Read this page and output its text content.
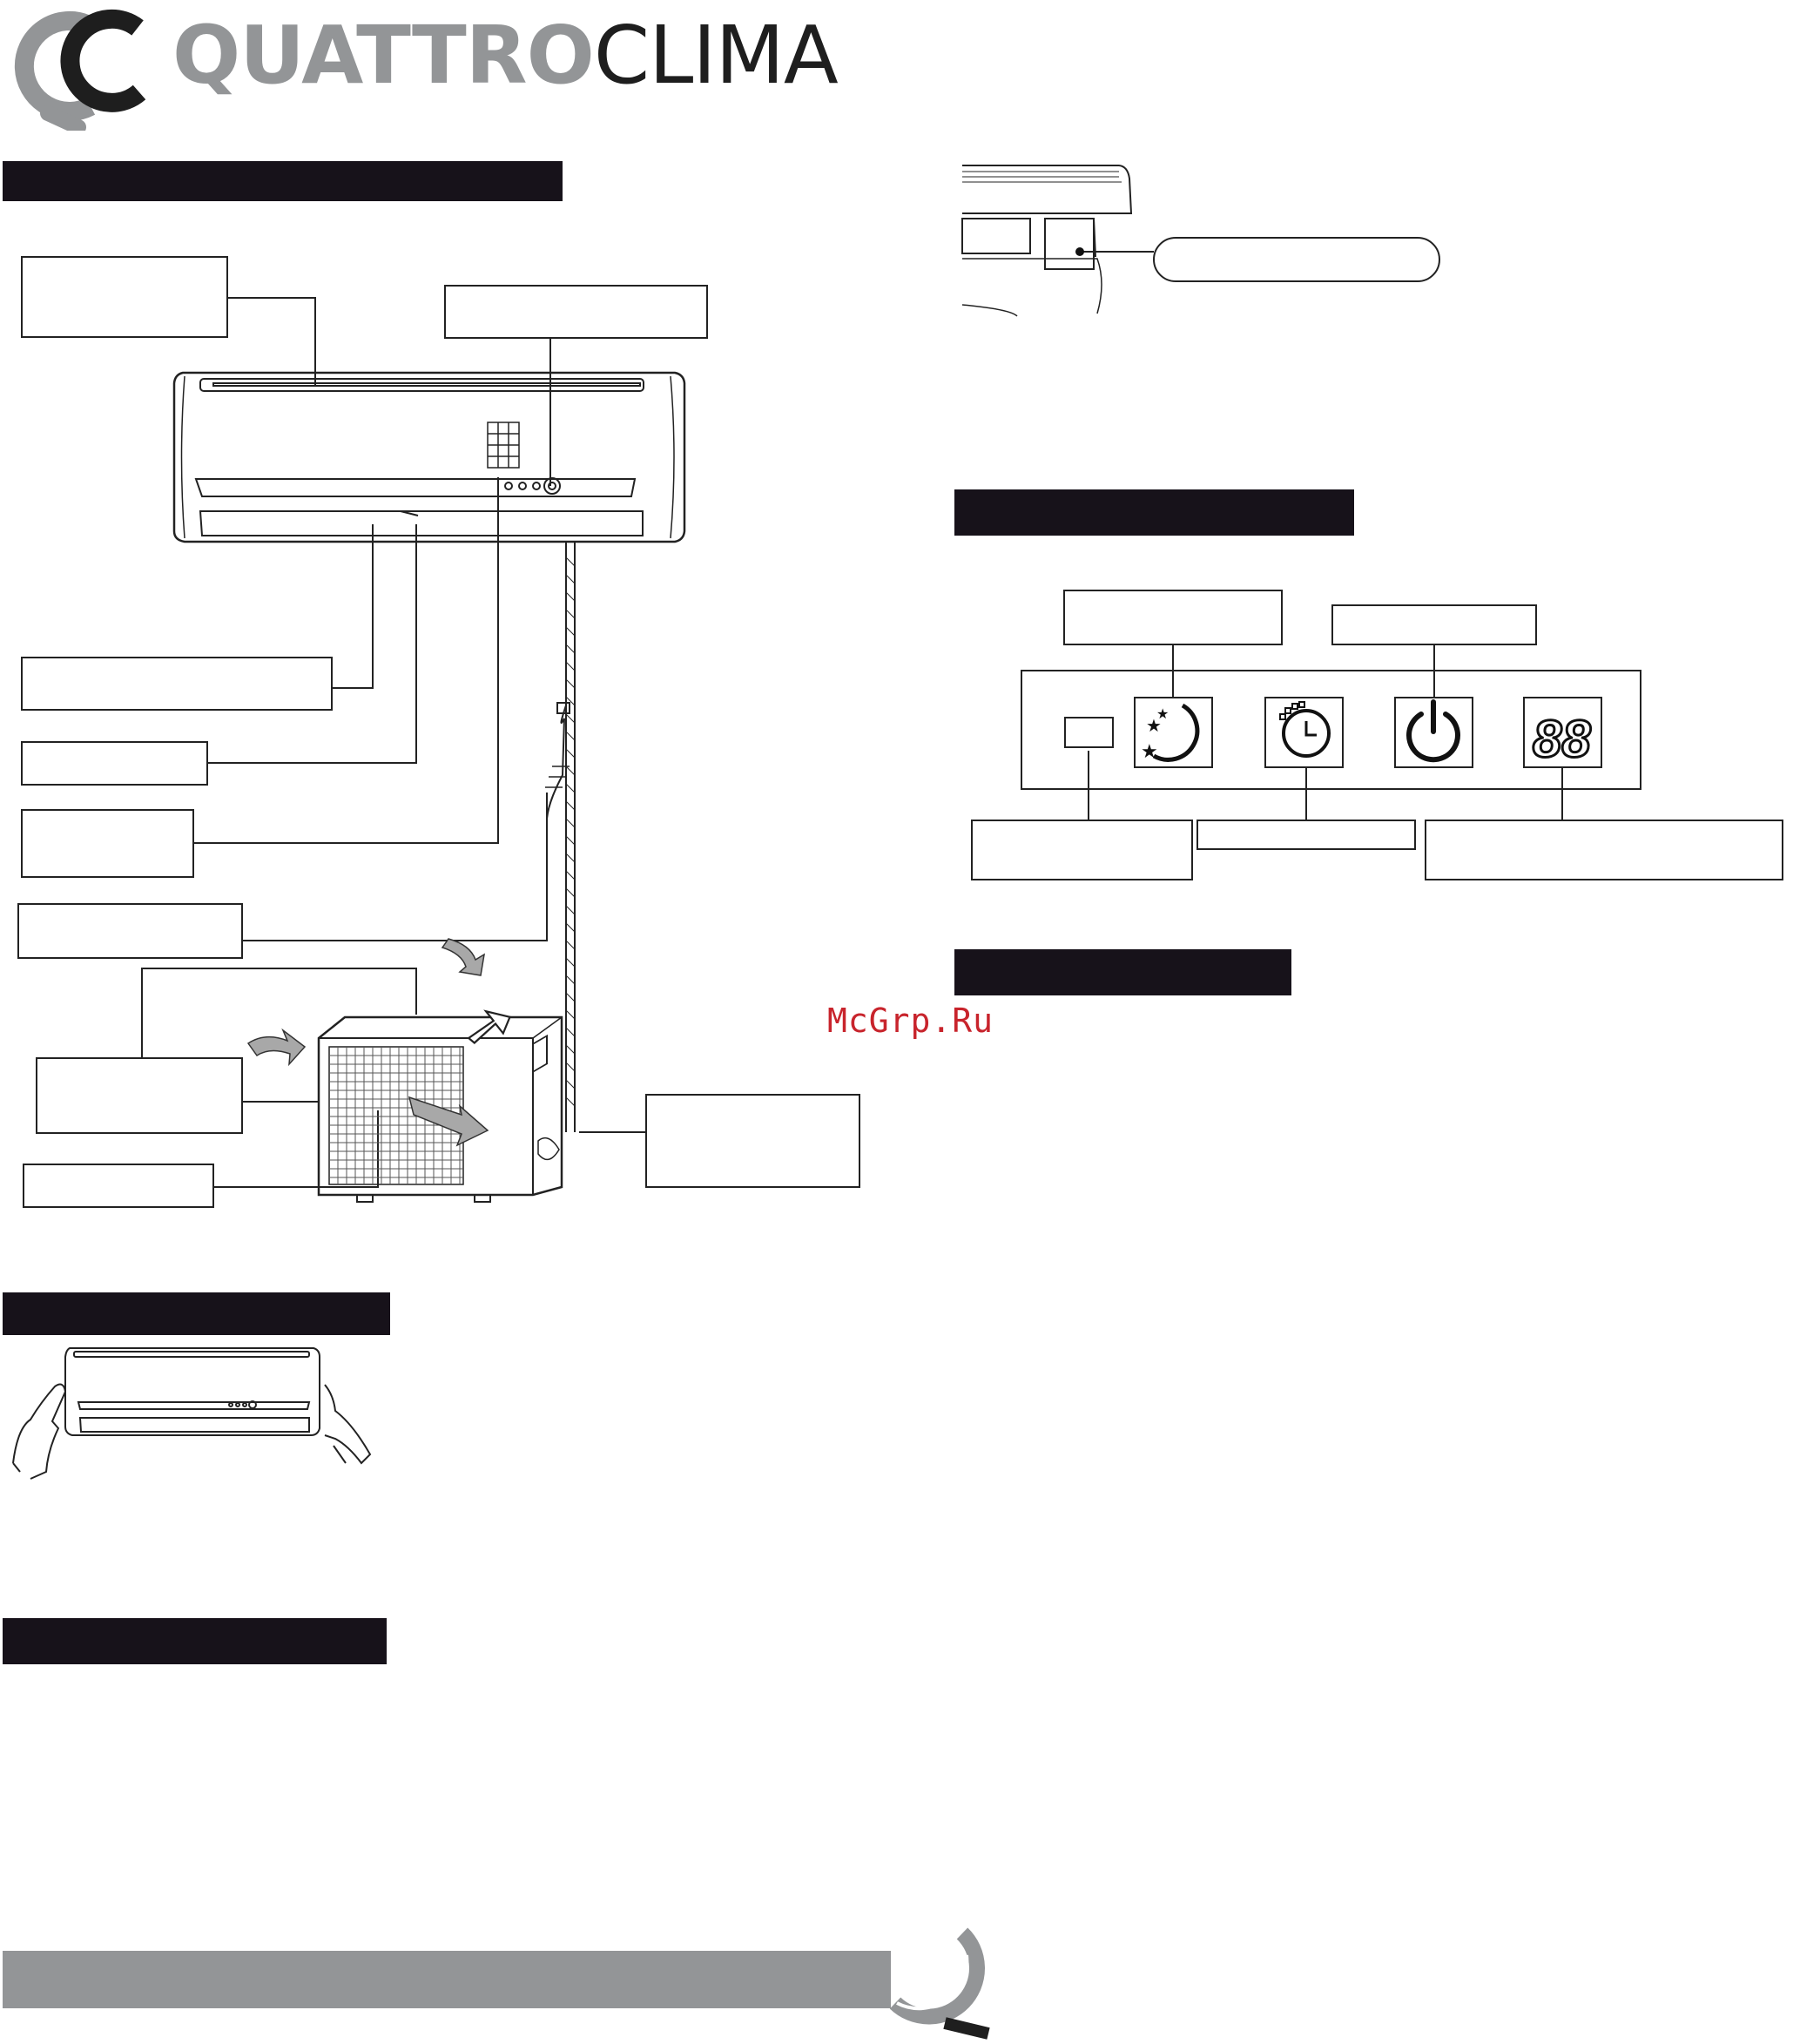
QUATTROCLIMA
★
★
★	88
McGrp.Ru
